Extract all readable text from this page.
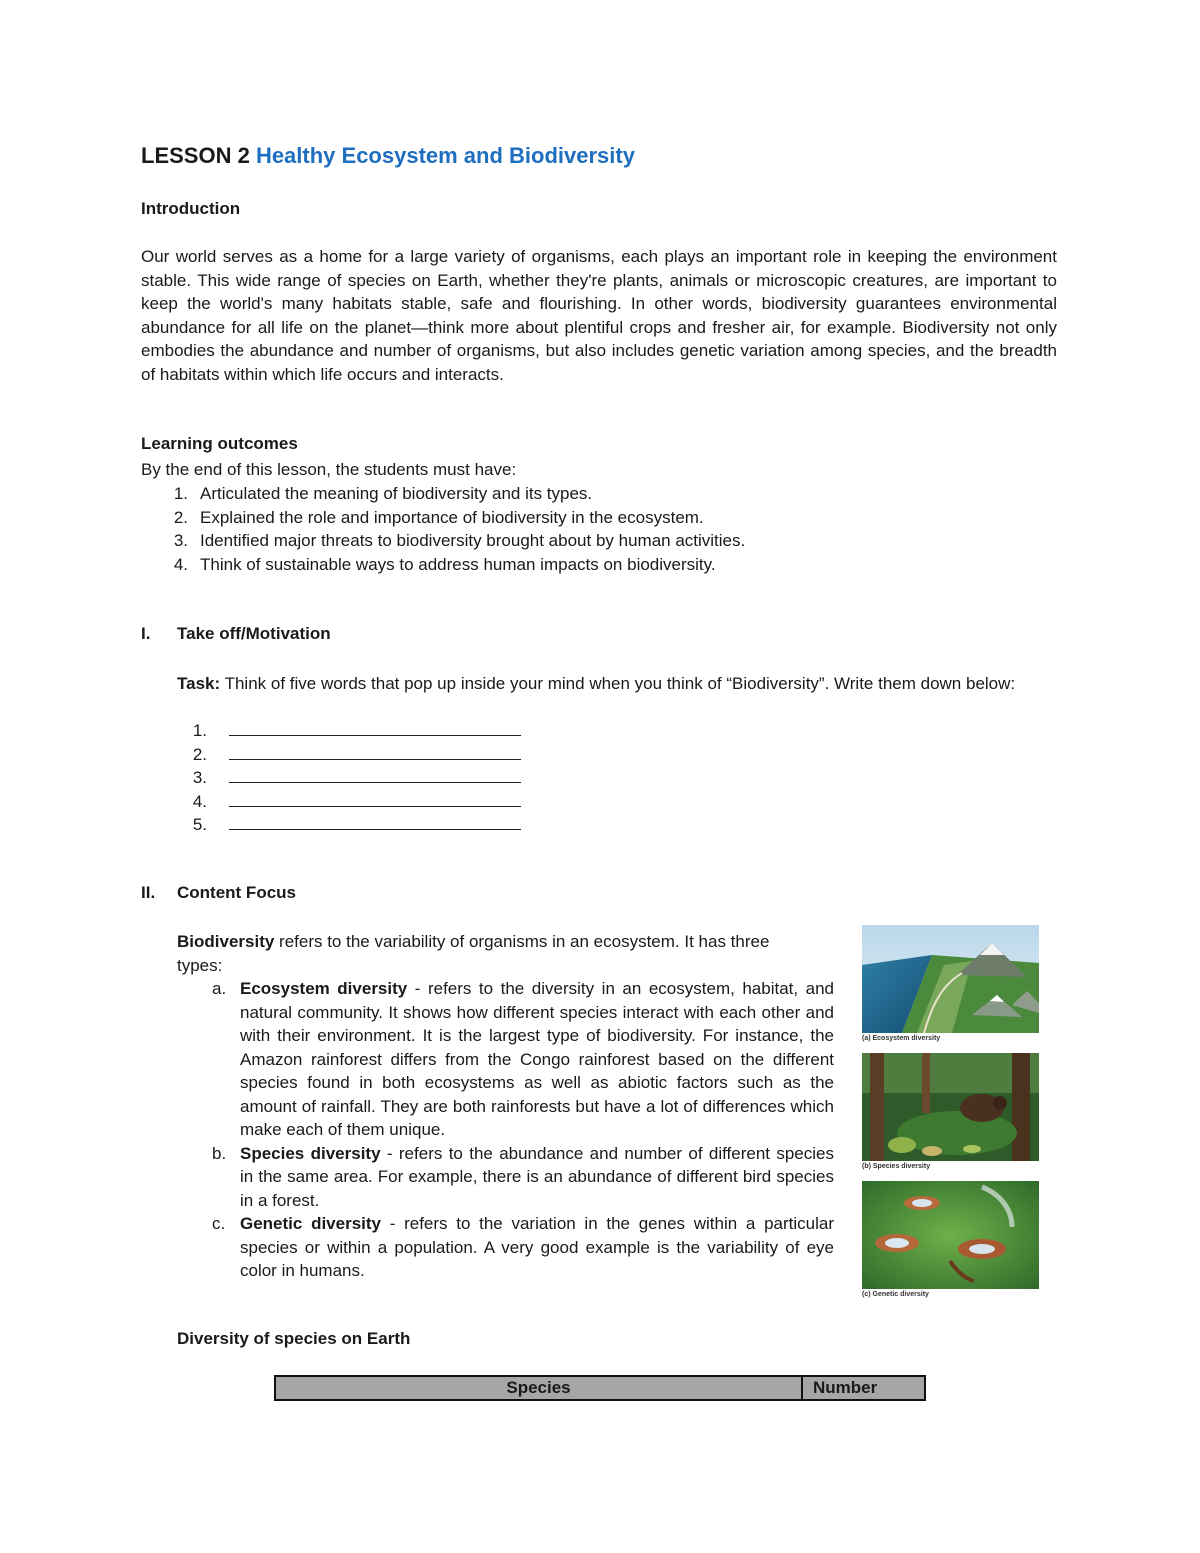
LESSON 2 Healthy Ecosystem and Biodiversity
Introduction
Our world serves as a home for a large variety of organisms, each plays an important role in keeping the environment stable. This wide range of species on Earth, whether they're plants, animals or microscopic creatures, are important to keep the world's many habitats stable, safe and flourishing. In other words, biodiversity guarantees environmental abundance for all life on the planet—think more about plentiful crops and fresher air, for example. Biodiversity not only embodies the abundance and number of organisms, but also includes genetic variation among species, and the breadth of habitats within which life occurs and interacts.
Learning outcomes
By the end of this lesson, the students must have:
1. Articulated the meaning of biodiversity and its types.
2. Explained the role and importance of biodiversity in the ecosystem.
3. Identified major threats to biodiversity brought about by human activities.
4. Think of sustainable ways to address human impacts on biodiversity.
I. Take off/Motivation
Task: Think of five words that pop up inside your mind when you think of “Biodiversity”. Write them down below:
1.
2.
3.
4.
5.
II. Content Focus
Biodiversity refers to the variability of organisms in an ecosystem. It has three types:
a. Ecosystem diversity - refers to the diversity in an ecosystem, habitat, and natural community. It shows how different species interact with each other and with their environment. It is the largest type of biodiversity. For instance, the Amazon rainforest differs from the Congo rainforest based on the different species found in both ecosystems as well as abiotic factors such as the amount of rainfall. They are both rainforests but have a lot of differences which make each of them unique.
b. Species diversity - refers to the abundance and number of different species in the same area. For example, there is an abundance of different bird species in a forest.
c. Genetic diversity - refers to the variation in the genes within a particular species or within a population. A very good example is the variability of eye color in humans.
(a) Ecosystem diversity
(b) Species diversity
(c) Genetic diversity
Diversity of species on Earth
Species	Number
